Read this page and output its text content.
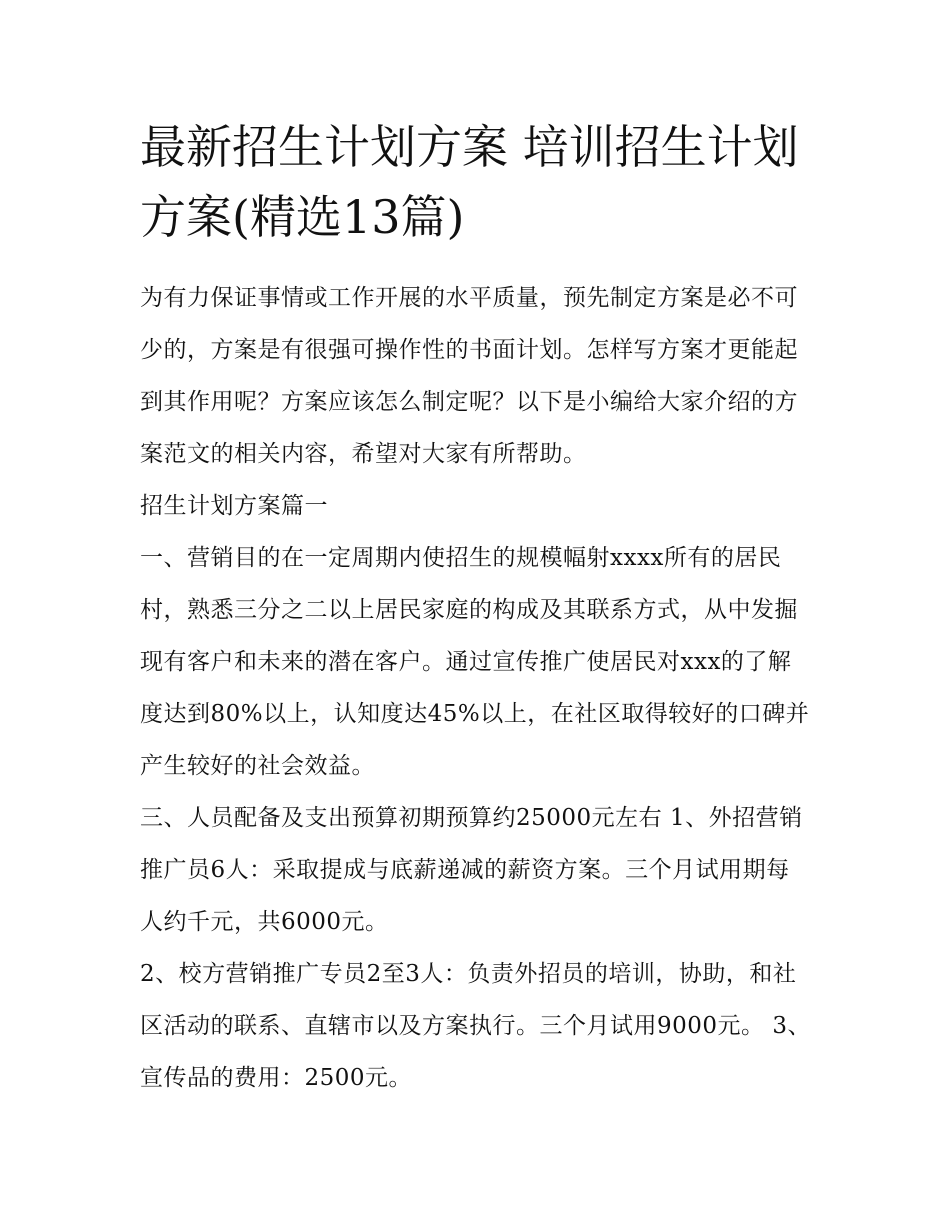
最新招生计划方案 培训招生计划方案(精选13篇)

为有力保证事情或工作开展的水平质量，预先制定方案是必不可少的，方案是有很强可操作性的书面计划。怎样写方案才更能起到其作用呢？方案应该怎么制定呢？以下是小编给大家介绍的方案范文的相关内容，希望对大家有所帮助。

招生计划方案篇一

一、营销目的在一定周期内使招生的规模幅射xxxx所有的居民村，熟悉三分之二以上居民家庭的构成及其联系方式，从中发掘现有客户和未来的潜在客户。通过宣传推广使居民对xxx的了解度达到80%以上，认知度达45%以上，在社区取得较好的口碑并产生较好的社会效益。

三、人员配备及支出预算初期预算约25000元左右 1、外招营销推广员6人：采取提成与底薪递减的薪资方案。三个月试用期每人约千元，共6000元。

2、校方营销推广专员2至3人：负责外招员的培训，协助，和社区活动的联系、直辖市以及方案执行。三个月试用9000元。 3、宣传品的费用：2500元。
